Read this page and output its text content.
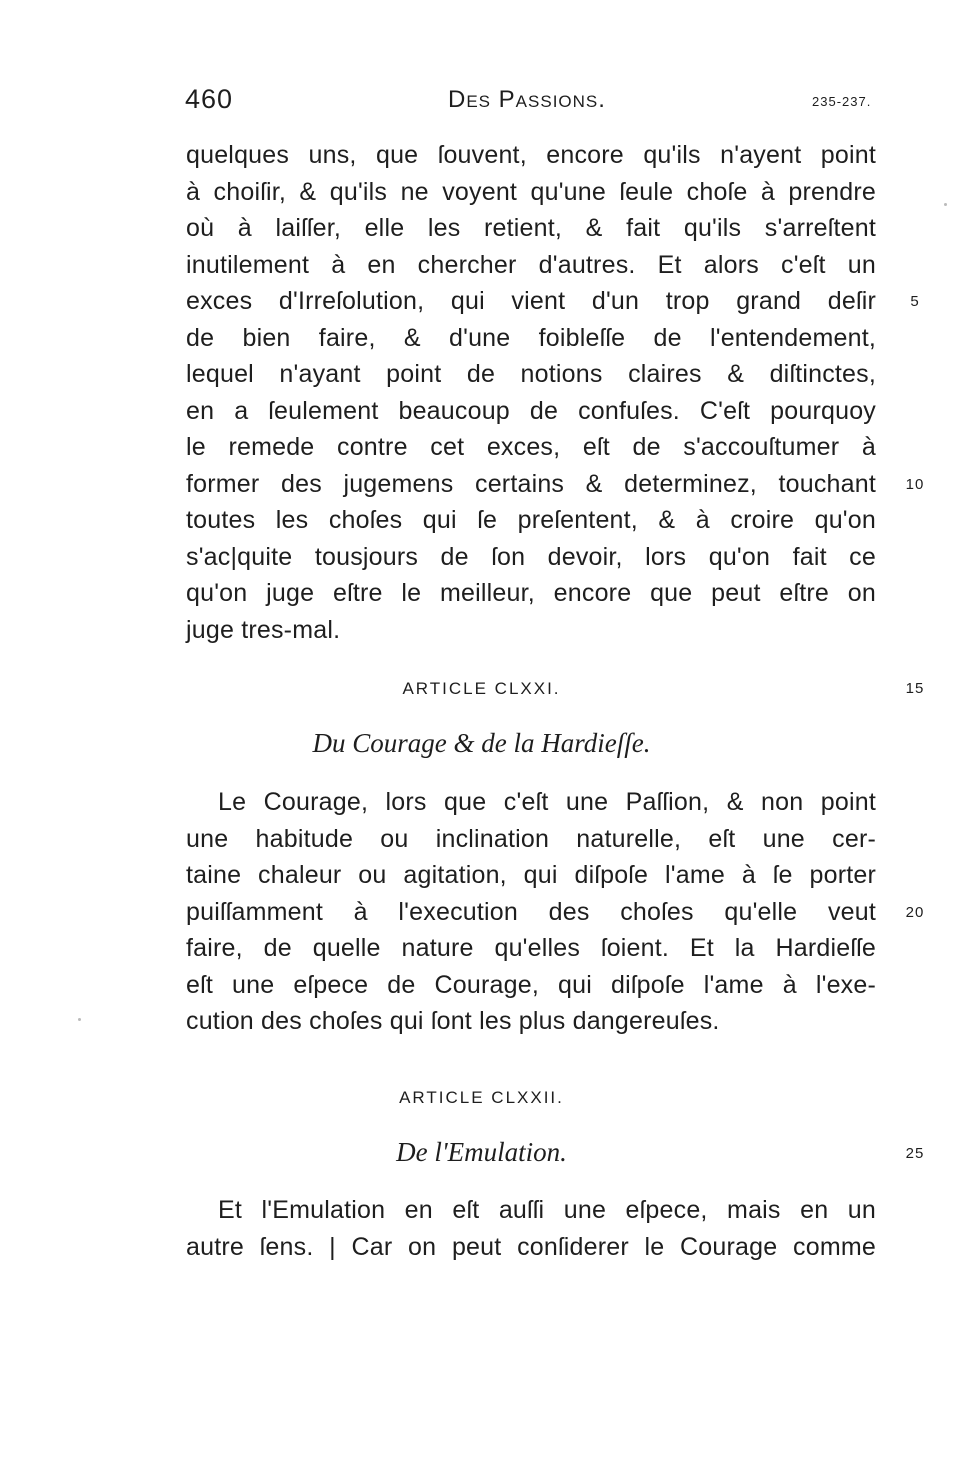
460	Des Passions.	235-237.
quelques uns, que ſouvent, encore qu'ils n'ayent point
à choiſir, & qu'ils ne voyent qu'une ſeule choſe à prendre
où à laiſſer, elle les retient, & fait qu'ils s'arreſtent
inutilement à en chercher d'autres. Et alors c'eſt un
exces d'Irreſolution, qui vient d'un trop grand deſir
de bien faire, & d'une foibleſſe de l'entendement,
lequel n'ayant point de notions claires & diſtinctes,
en a ſeulement beaucoup de confuſes. C'eſt pourquoy
le remede contre cet exces, eſt de s'accouſtumer à
former des jugemens certains & determinez, touchant
toutes les choſes qui ſe preſentent, & à croire qu'on
s'ac|quite tousjours de ſon devoir, lors qu'on fait ce
qu'on juge eſtre le meilleur, encore que peut eſtre on
juge tres-mal.
ARTICLE CLXXI.
Du Courage & de la Hardieſſe.
Le Courage, lors que c'eſt une Paſſion, & non point
une habitude ou inclination naturelle, eſt une cer-
taine chaleur ou agitation, qui diſpoſe l'ame à ſe porter
puiſſamment à l'execution des choſes qu'elle veut
faire, de quelle nature qu'elles ſoient. Et la Hardieſſe
eſt une eſpece de Courage, qui diſpoſe l'ame à l'exe-
cution des choſes qui ſont les plus dangereuſes.
ARTICLE CLXXII.
De l'Emulation.
Et l'Emulation en eſt auſſi une eſpece, mais en un
autre ſens. | Car on peut conſiderer le Courage comme
5
10
15
20
25
